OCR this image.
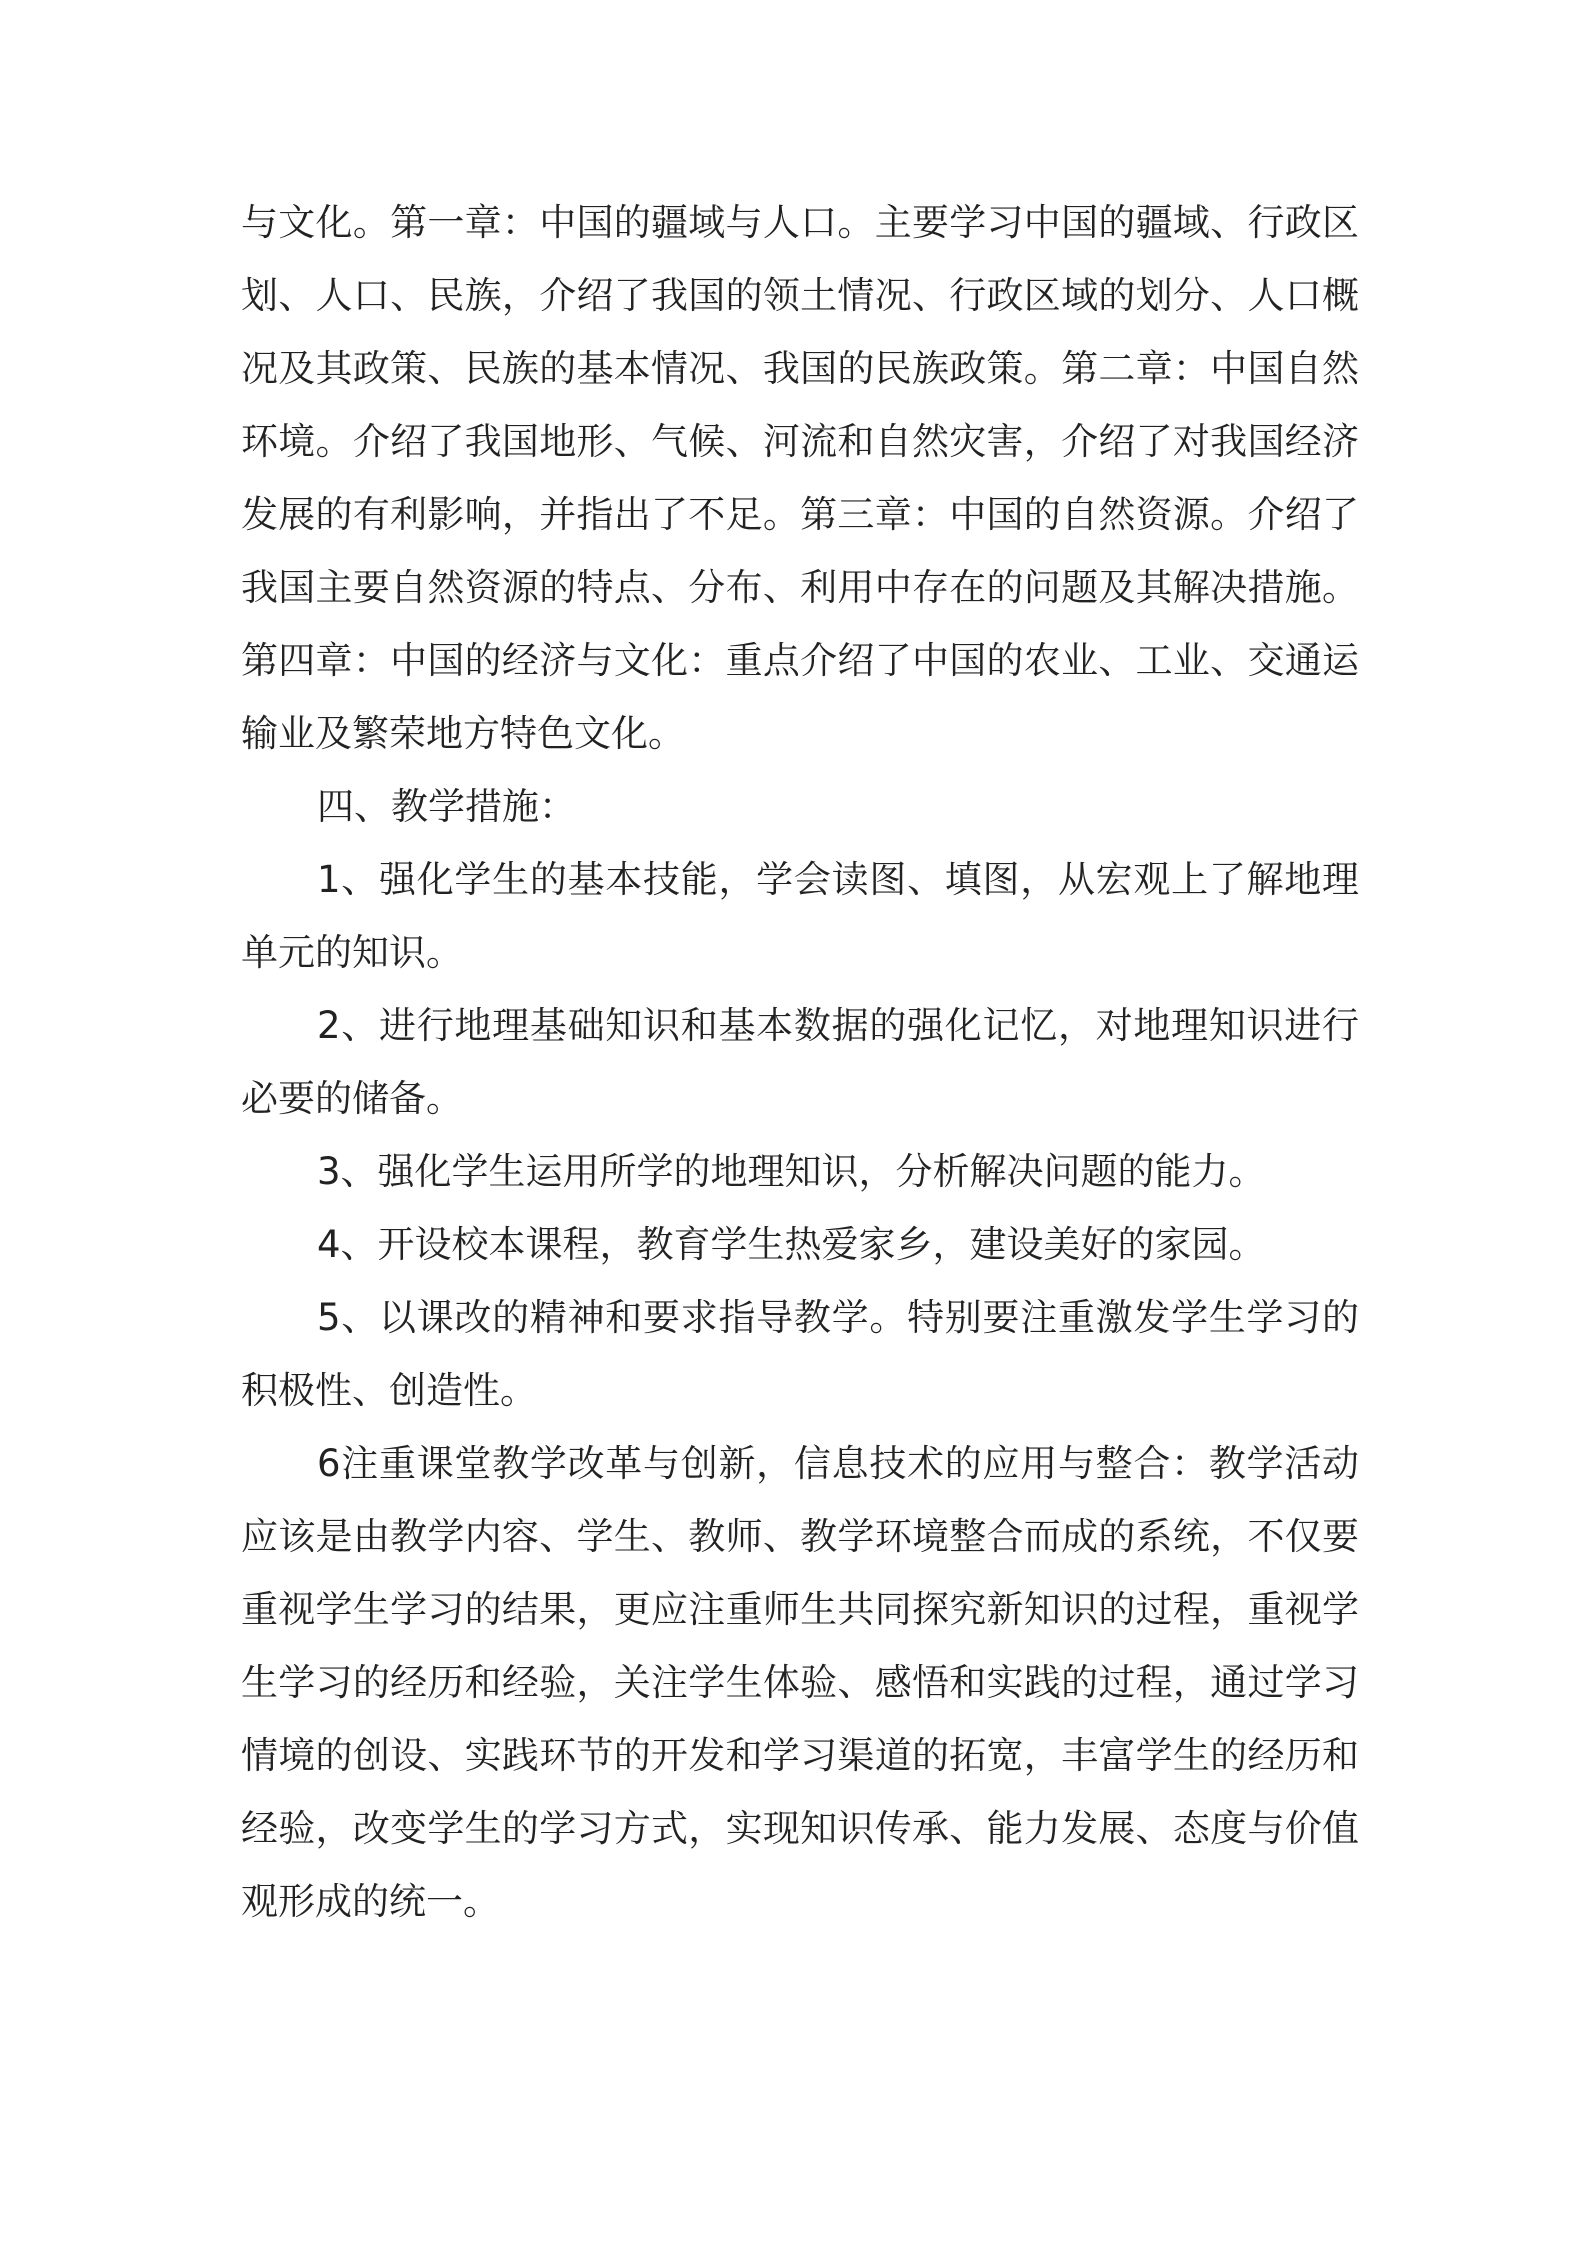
与文化。第一章：中国的疆域与人口。主要学习中国的疆域、行政区划、人口、民族，介绍了我国的领土情况、行政区域的划分、人口概况及其政策、民族的基本情况、我国的民族政策。第二章：中国自然环境。介绍了我国地形、气候、河流和自然灾害，介绍了对我国经济发展的有利影响，并指出了不足。第三章：中国的自然资源。介绍了我国主要自然资源的特点、分布、利用中存在的问题及其解决措施。第四章：中国的经济与文化：重点介绍了中国的农业、工业、交通运输业及繁荣地方特色文化。

四、教学措施：

1、强化学生的基本技能，学会读图、填图，从宏观上了解地理单元的知识。

2、进行地理基础知识和基本数据的强化记忆，对地理知识进行必要的储备。

3、强化学生运用所学的地理知识，分析解决问题的能力。

4、开设校本课程，教育学生热爱家乡，建设美好的家园。

5、以课改的精神和要求指导教学。特别要注重激发学生学习的积极性、创造性。

6注重课堂教学改革与创新，信息技术的应用与整合：教学活动应该是由教学内容、学生、教师、教学环境整合而成的系统，不仅要重视学生学习的结果，更应注重师生共同探究新知识的过程，重视学生学习的经历和经验，关注学生体验、感悟和实践的过程，通过学习情境的创设、实践环节的开发和学习渠道的拓宽，丰富学生的经历和经验，改变学生的学习方式，实现知识传承、能力发展、态度与价值观形成的统一。
